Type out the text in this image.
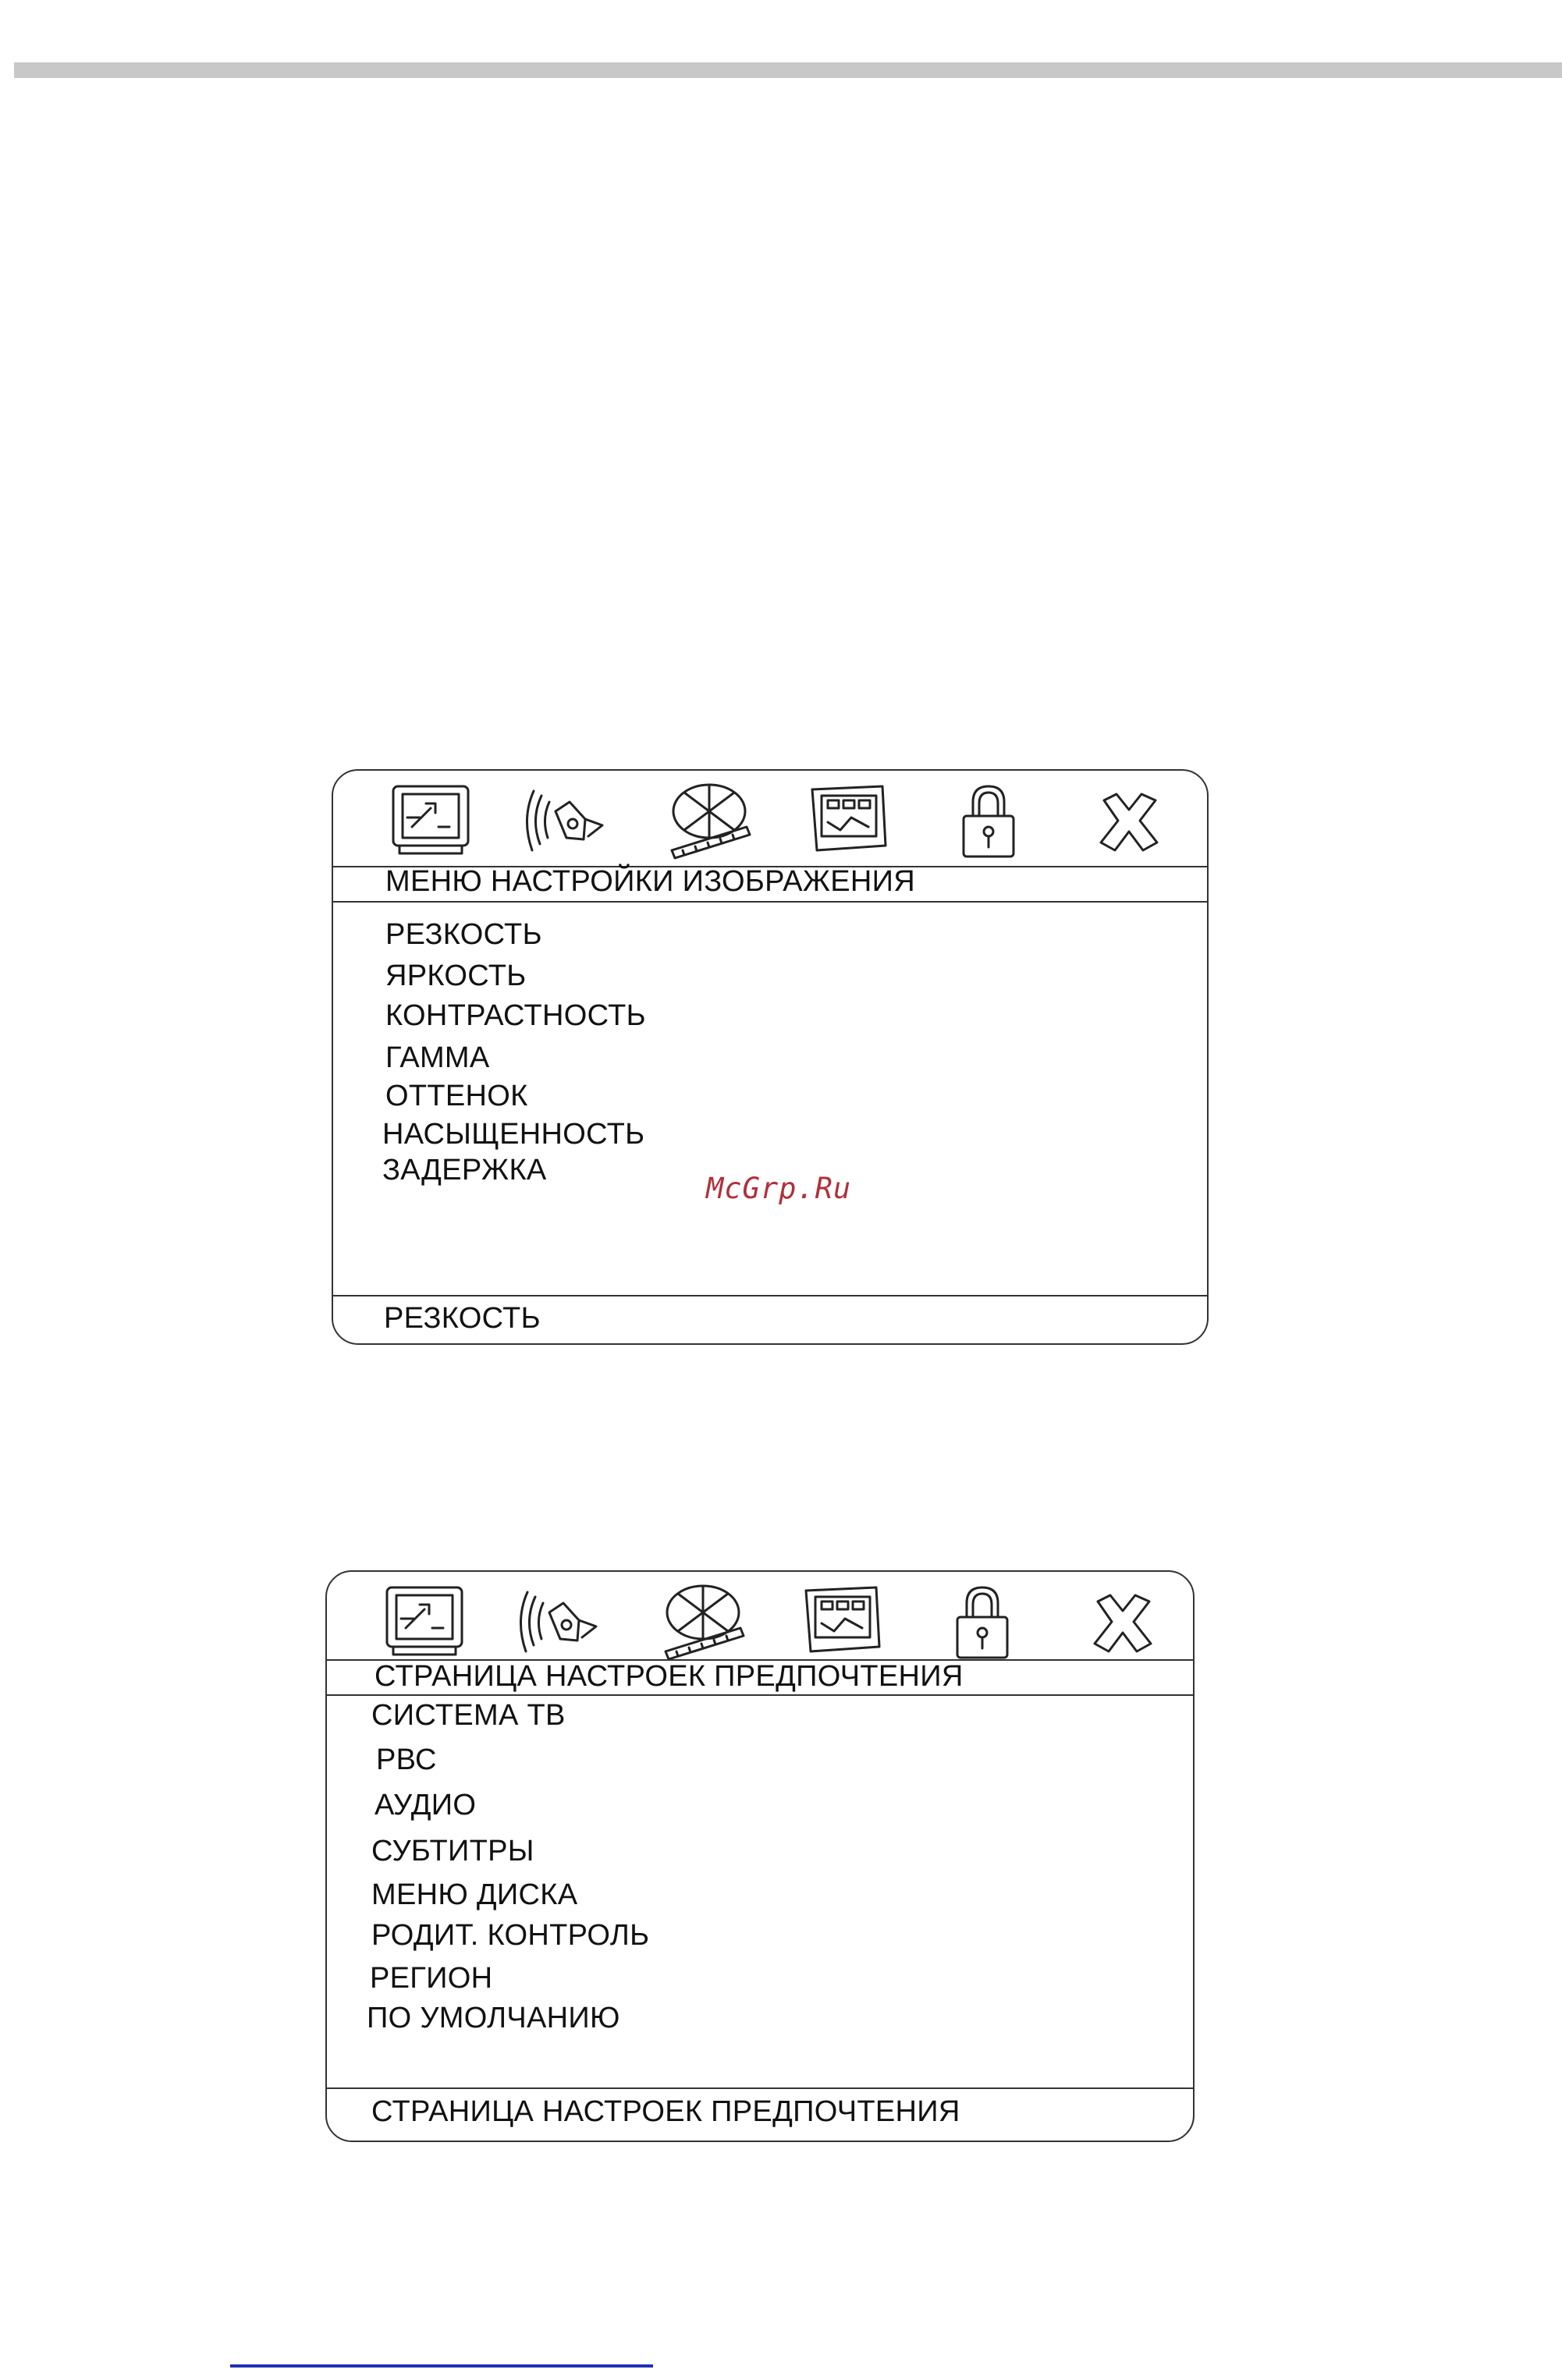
МЕНЮ НАСТРОЙКИ ИЗОБРАЖЕНИЯ
РЕЗКОСТЬ
ЯРКОСТЬ
КОНТРАСТНОСТЬ
ГАММА
ОТТЕНОК
НАСЫЩЕННОСТЬ
ЗАДЕРЖКА
РЕЗКОСТЬ
McGrp.Ru
СТРАНИЦА НАСТРОЕК ПРЕДПОЧТЕНИЯ
СИСТЕМА ТВ
РВС
АУДИО
СУБТИТРЫ
МЕНЮ ДИСКА
РОДИТ. КОНТРОЛЬ
РЕГИОН
ПО УМОЛЧАНИЮ
СТРАНИЦА НАСТРОЕК ПРЕДПОЧТЕНИЯ
